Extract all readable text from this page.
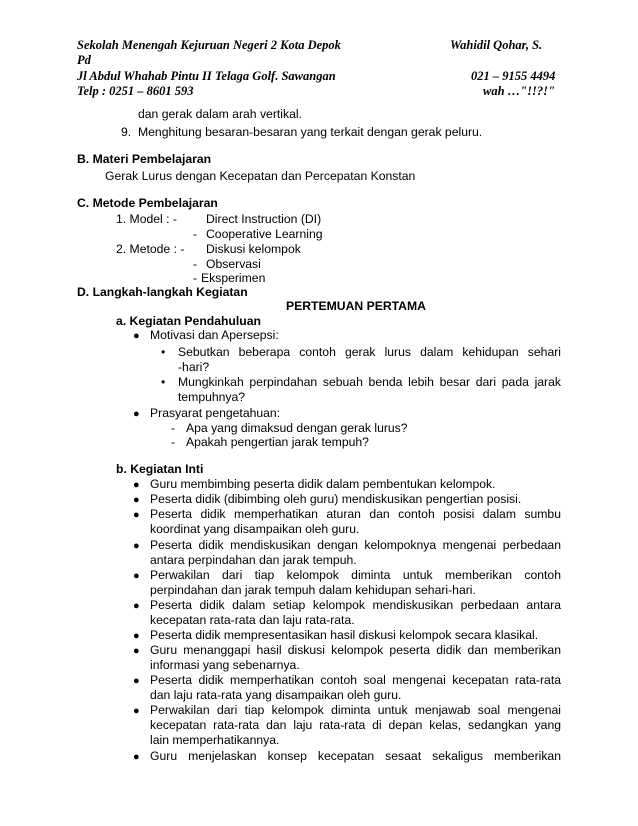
Sekolah Menengah Kejuruan Negeri 2 Kota Depok
Pd
Jl Abdul Whahab Pintu II Telaga Golf. Sawangan
Telp : 0251 – 8601 593
Wahidil Qohar, S.
021 – 9155 4494
wah …"!!?!"
dan gerak dalam arah vertikal.
9. Menghitung besaran-besaran yang terkait dengan gerak peluru.
B. Materi Pembelajaran
Gerak Lurus dengan Kecepatan dan Percepatan Konstan
C. Metode Pembelajaran
1. Model : - Direct Instruction (DI)
- Cooperative Learning
2. Metode : - Diskusi kelompok
- Observasi
- Eksperimen
D. Langkah-langkah Kegiatan
PERTEMUAN PERTAMA
a. Kegiatan Pendahuluan
● Motivasi dan Apersepsi:
• Sebutkan beberapa contoh gerak lurus dalam kehidupan sehari
-hari?
• Mungkinkah perpindahan sebuah benda lebih besar dari pada jarak
tempuhnya?
● Prasyarat pengetahuan:
- Apa yang dimaksud dengan gerak lurus?
- Apakah pengertian jarak tempuh?
b. Kegiatan Inti
● Guru membimbing peserta didik dalam pembentukan kelompok.
● Peserta didik (dibimbing oleh guru) mendiskusikan pengertian posisi.
● Peserta didik memperhatikan aturan dan contoh posisi dalam sumbu
koordinat yang disampaikan oleh guru.
● Peserta didik mendiskusikan dengan kelompoknya mengenai perbedaan
antara perpindahan dan jarak tempuh.
● Perwakilan dari tiap kelompok diminta untuk memberikan contoh
perpindahan dan jarak tempuh dalam kehidupan sehari-hari.
● Peserta didik dalam setiap kelompok mendiskusikan perbedaan antara
kecepatan rata-rata dan laju rata-rata.
● Peserta didik mempresentasikan hasil diskusi kelompok secara klasikal.
● Guru menanggapi hasil diskusi kelompok peserta didik dan memberikan
informasi yang sebenarnya.
● Peserta didik memperhatikan contoh soal mengenai kecepatan rata-rata
dan laju rata-rata yang disampaikan oleh guru.
● Perwakilan dari tiap kelompok diminta untuk menjawab soal mengenai
kecepatan rata-rata dan laju rata-rata di depan kelas, sedangkan yang
lain memperhatikannya.
● Guru menjelaskan konsep kecepatan sesaat sekaligus memberikan
